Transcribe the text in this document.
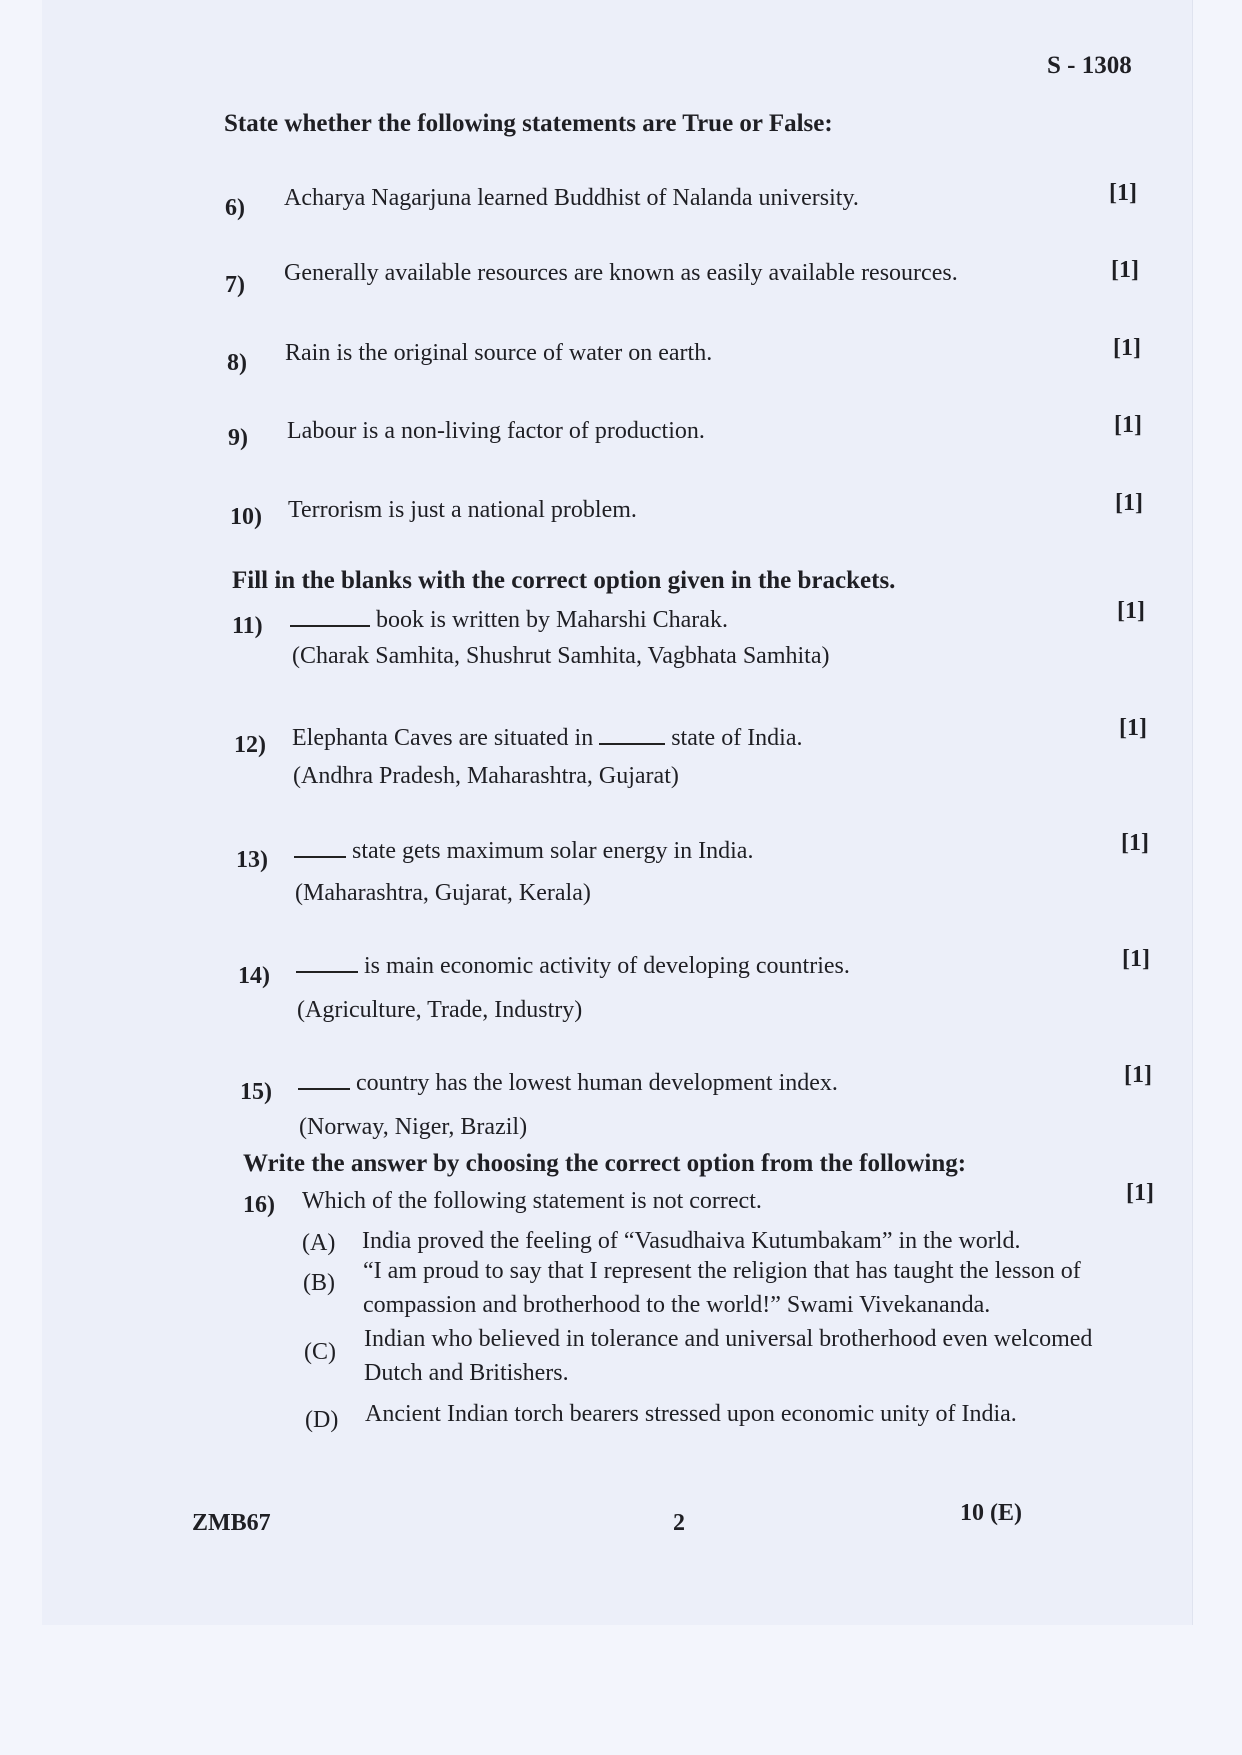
S - 1308
State whether the following statements are True or False:
6) Acharya Nagarjuna learned Buddhist of Nalanda university.	[1]
7) Generally available resources are known as easily available resources.	[1]
8) Rain is the original source of water on earth.	[1]
9) Labour is a non-living factor of production.	[1]
10) Terrorism is just a national problem.	[1]
Fill in the blanks with the correct option given in the brackets.
11)	book is written by Maharshi Charak.
(Charak Samhita, Shushrut Samhita, Vagbhata Samhita)
[1]
12) Elephanta Caves are situated in	state of India.
(Andhra Pradesh, Maharashtra, Gujarat)
[1]
13)	state gets maximum solar energy in India.
(Maharashtra, Gujarat, Kerala)
[1]
14)	is main economic activity of developing countries.
(Agriculture, Trade, Industry)
[1]
15)	country has the lowest human development index.
(Norway, Niger, Brazil)
[1]
Write the answer by choosing the correct option from the following:
16) Which of the following statement is not correct.	[1]
(A) India proved the feeling of “Vasudhaiva Kutumbakam” in the world.
(B) “I am proud to say that I represent the religion that has taught the lesson of
compassion and brotherhood to the world!” Swami Vivekananda.
(C) Indian who believed in tolerance and universal brotherhood even welcomed
Dutch and Britishers.
(D) Ancient Indian torch bearers stressed upon economic unity of India.
ZMB67	2	10 (E)
